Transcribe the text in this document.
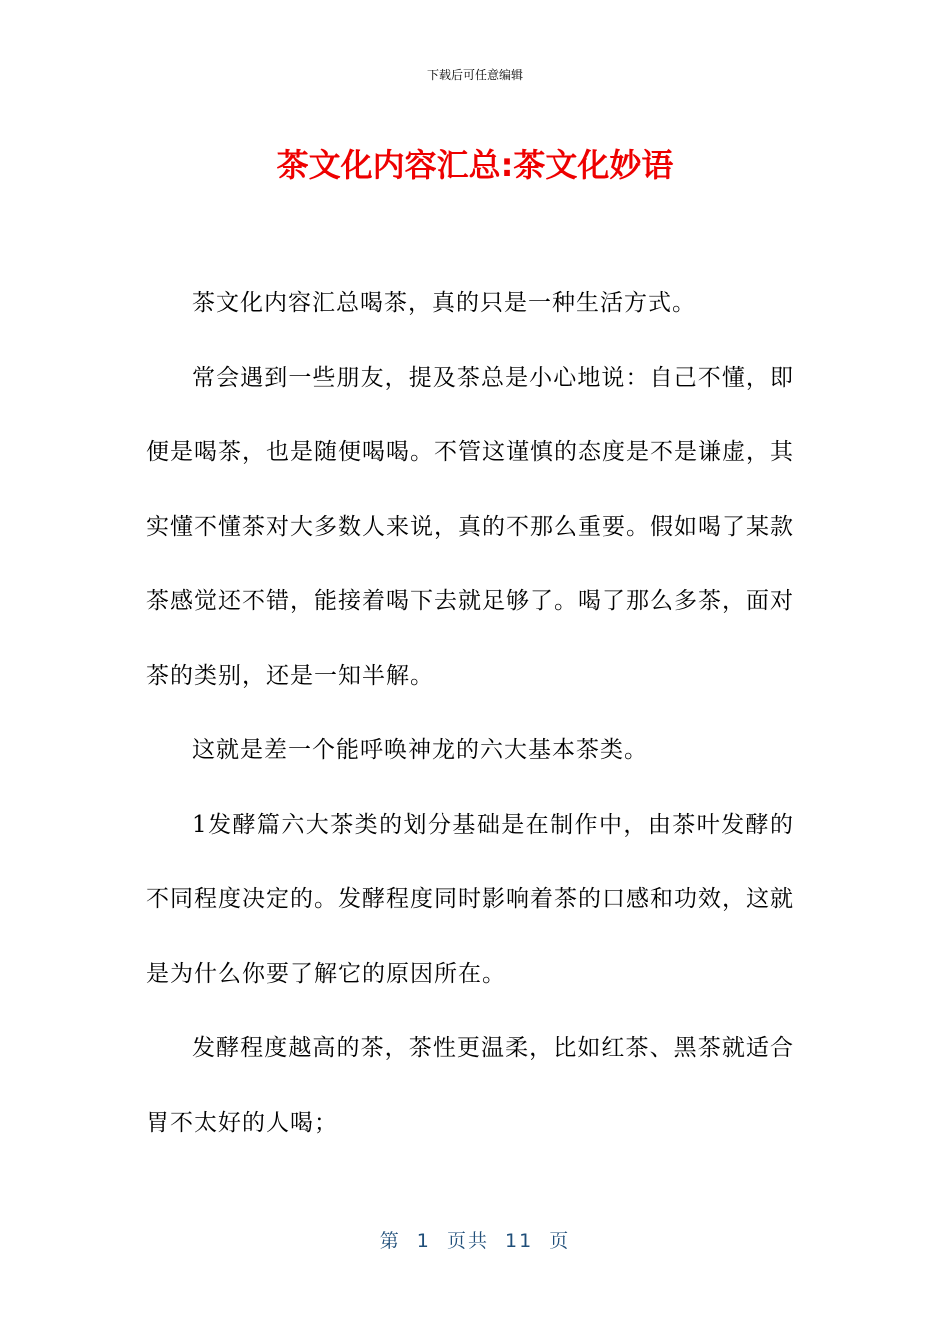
下载后可任意编辑
茶文化内容汇总:茶文化妙语

茶文化内容汇总喝茶，真的只是一种生活方式。

常会遇到一些朋友，提及茶总是小心地说：自己不懂，即便是喝茶，也是随便喝喝。不管这谨慎的态度是不是谦虚，其实懂不懂茶对大多数人来说，真的不那么重要。假如喝了某款茶感觉还不错，能接着喝下去就足够了。喝了那么多茶，面对茶的类别，还是一知半解。

这就是差一个能呼唤神龙的六大基本茶类。

1发酵篇六大茶类的划分基础是在制作中，由茶叶发酵的不同程度决定的。发酵程度同时影响着茶的口感和功效，这就是为什么你要了解它的原因所在。

发酵程度越高的茶，茶性更温柔，比如红茶、黑茶就适合胃不太好的人喝；

第  1  页共  11  页
